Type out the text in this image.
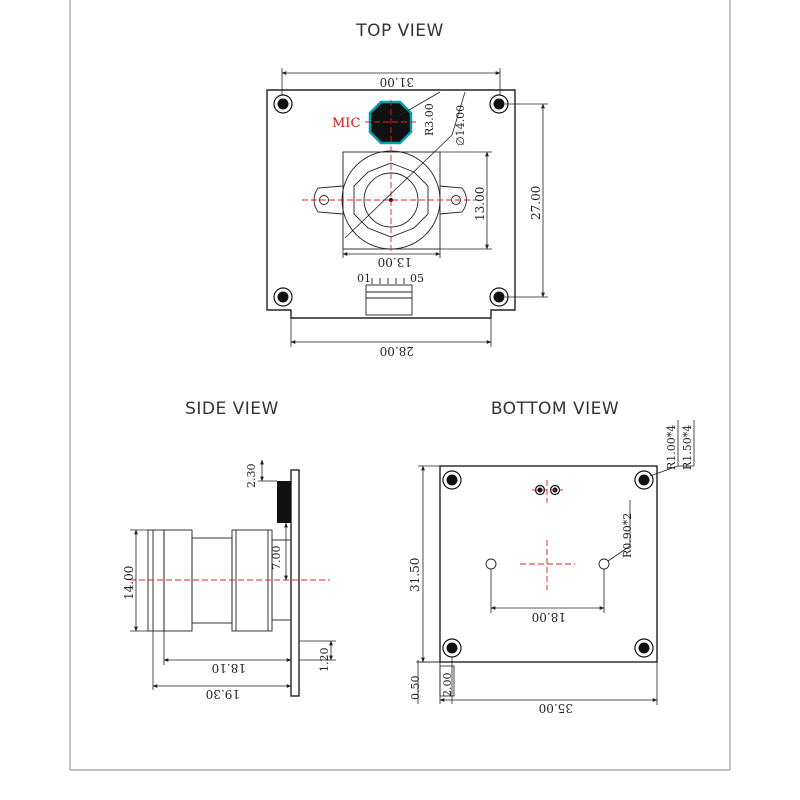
TOP VIEW
MIC	R3.00 ∅14.00
13.00
13.00
01	05
31.00
27.00
28.00
SIDE VIEW
14.00
2.30
7.00
1.20
18.10
19.30
BOTTOM VIEW
18.00
R0.90*2
R1.00*4 R1.50*4
31.50
0.50 2.00
35.00
